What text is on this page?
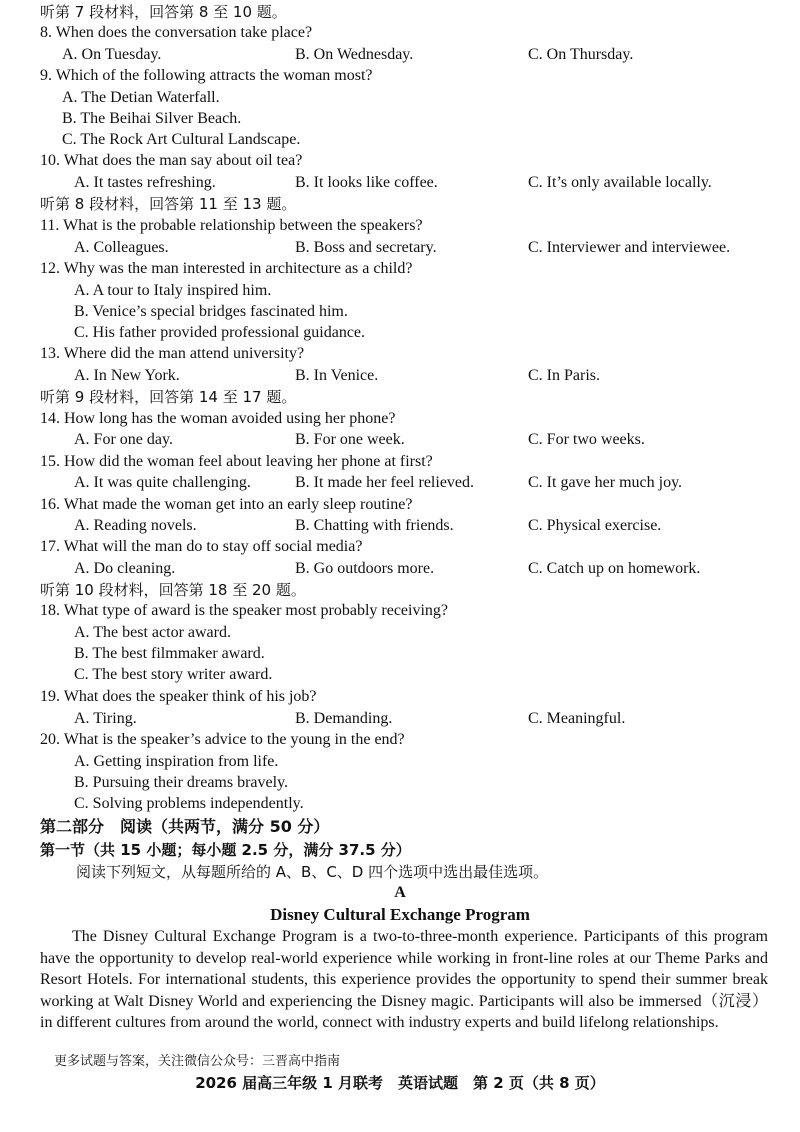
听第 7 段材料，回答第 8 至 10 题。
8. When does the conversation take place?
A. On Tuesday.	B. On Wednesday.	C. On Thursday.
9. Which of the following attracts the woman most?
A. The Detian Waterfall.
B. The Beihai Silver Beach.
C. The Rock Art Cultural Landscape.
10. What does the man say about oil tea?
A. It tastes refreshing.	B. It looks like coffee.	C. It’s only available locally.
听第 8 段材料，回答第 11 至 13 题。
11. What is the probable relationship between the speakers?
A. Colleagues.	B. Boss and secretary.	C. Interviewer and interviewee.
12. Why was the man interested in architecture as a child?
A. A tour to Italy inspired him.
B. Venice’s special bridges fascinated him.
C. His father provided professional guidance.
13. Where did the man attend university?
A. In New York.	B. In Venice.	C. In Paris.
听第 9 段材料，回答第 14 至 17 题。
14. How long has the woman avoided using her phone?
A. For one day.	B. For one week.	C. For two weeks.
15. How did the woman feel about leaving her phone at first?
A. It was quite challenging.	B. It made her feel relieved.	C. It gave her much joy.
16. What made the woman get into an early sleep routine?
A. Reading novels.	B. Chatting with friends.	C. Physical exercise.
17. What will the man do to stay off social media?
A. Do cleaning.	B. Go outdoors more.	C. Catch up on homework.
听第 10 段材料，回答第 18 至 20 题。
18. What type of award is the speaker most probably receiving?
A. The best actor award.
B. The best filmmaker award.
C. The best story writer award.
19. What does the speaker think of his job?
A. Tiring.	B. Demanding.	C. Meaningful.
20. What is the speaker’s advice to the young in the end?
A. Getting inspiration from life.
B. Pursuing their dreams bravely.
C. Solving problems independently.
第二部分　阅读（共两节，满分 50 分）
第一节（共 15 小题；每小题 2.5 分，满分 37.5 分）
阅读下列短文，从每题所给的 A、B、C、D 四个选项中选出最佳选项。
A
Disney Cultural Exchange Program
The Disney Cultural Exchange Program is a two-to-three-month experience. Participants of this program have the opportunity to develop real-world experience while working in front-line roles at our Theme Parks and Resort Hotels. For international students, this experience provides the opportunity to spend their summer break working at Walt Disney World and experiencing the Disney magic. Participants will also be immersed（沉浸）in different cultures from around the world, connect with industry experts and build lifelong relationships.
更多试题与答案，关注微信公众号：三晋高中指南
2026 届高三年级 1 月联考　英语试题　第 2 页（共 8 页）
